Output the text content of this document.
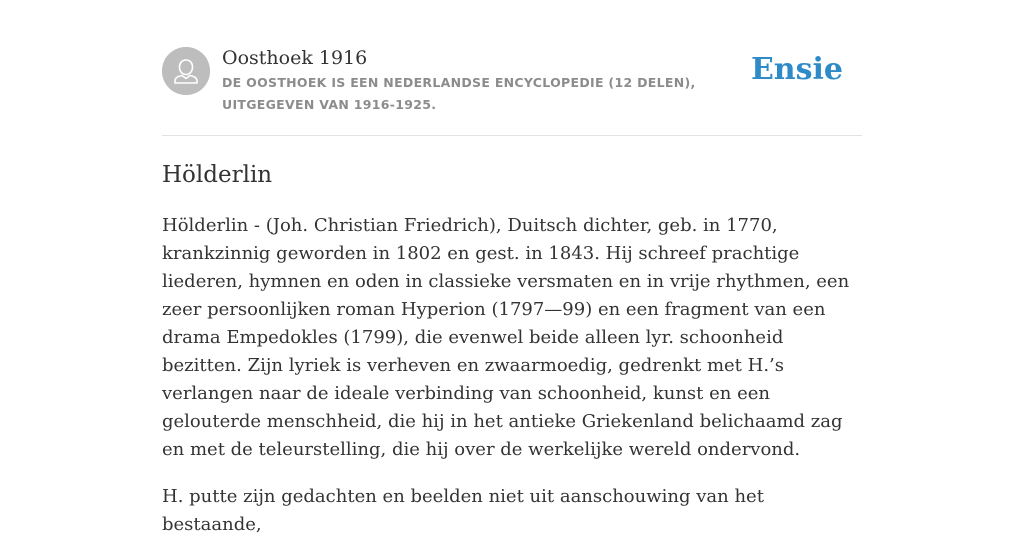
Oosthoek 1916
DE OOSTHOEK IS EEN NEDERLANDSE ENCYCLOPEDIE (12 DELEN), UITGEGEVEN VAN 1916-1925.
Ensie
Hölderlin

Hölderlin - (Joh. Christian Friedrich), Duitsch dichter, geb. in 1770, krankzinnig geworden in 1802 en gest. in 1843. Hij schreef prachtige liederen, hymnen en oden in classieke versmaten en in vrije rhythmen, een zeer persoonlijken roman Hyperion (1797—99) en een fragment van een drama Empedokles (1799), die evenwel beide alleen lyr. schoonheid bezitten. Zijn lyriek is verheven en zwaarmoedig, gedrenkt met H.’s verlangen naar de ideale verbinding van schoonheid, kunst en een gelouterde menschheid, die hij in het antieke Griekenland belichaamd zag en met de teleurstelling, die hij over de werkelijke wereld ondervond.

H. putte zijn gedachten en beelden niet uit aanschouwing van het bestaande,
